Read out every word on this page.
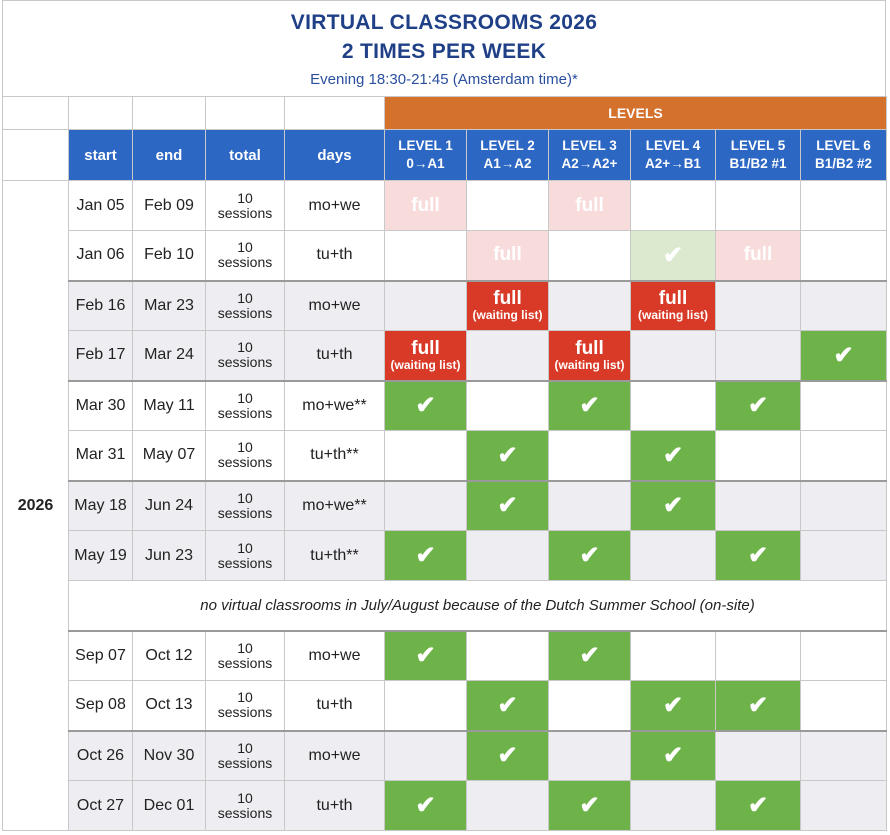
VIRTUAL CLASSROOMS 2026
2 TIMES PER WEEK
Evening 18:30-21:45 (Amsterdam time)*
					LEVELS					
	start	end	total	days	LEVEL 1
0→A1	LEVEL 2
A1→A2	LEVEL 3
A2→A2+	LEVEL 4
A2+→B1	LEVEL 5
B1/B2 #1	LEVEL 6
B1/B2 #2
2026	Jan 05	Feb 09	10
sessions	mo+we	full		full			
	Jan 06	Feb 10	10
sessions	tu+th		full		✔	full	
	Feb 16	Mar 23	10
sessions	mo+we		full
(waiting list)		full
(waiting list)		

	Feb 17	Mar 24	10
sessions	tu+th	full
(waiting list)		full
(waiting list)			✔
	Mar 30	May 11	10
sessions	mo+we**	✔		✔		✔	
	Mar 31	May 07	10
sessions	tu+th**		✔		✔		
	May 18	Jun 24	10
sessions	mo+we**		✔		✔		
	May 19	Jun 23	10
sessions	tu+th**	✔		✔		✔	
	no virtual classrooms in July/August because of the Dutch Summer School (on-site)									
	Sep 07	Oct 12	10
sessions	mo+we	✔		✔			
	Sep 08	Oct 13	10
sessions	tu+th		✔		✔	✔	
	Oct 26	Nov 30	10
sessions	mo+we		✔		✔		
	Oct 27	Dec 01	10
sessions	tu+th	✔		✔		✔	
